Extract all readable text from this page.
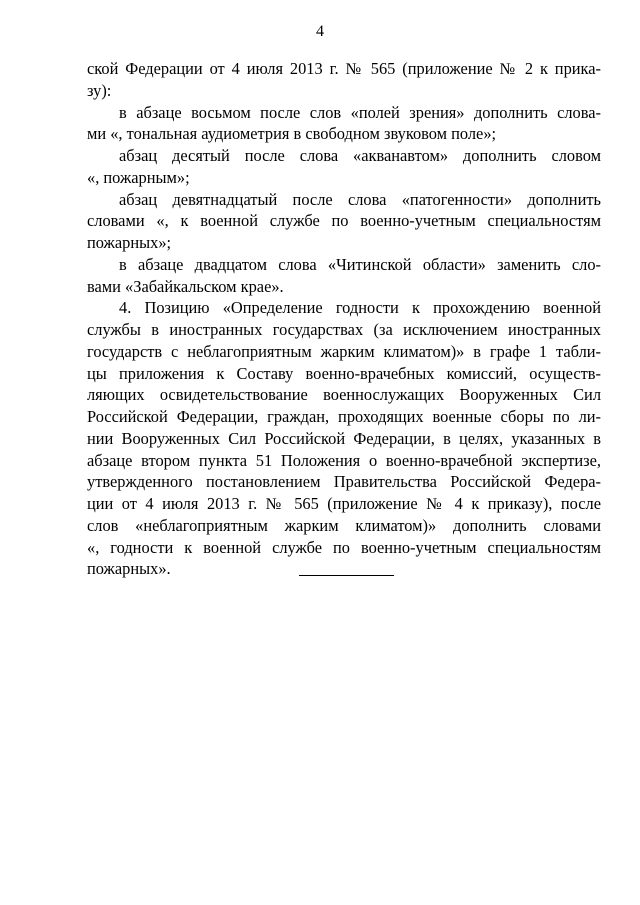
4
ской Федерации от 4 июля 2013 г. № 565 (приложение № 2 к прика-
зу):
в абзаце восьмом после слов «полей зрения» дополнить слова-
ми «, тональная аудиометрия в свободном звуковом поле»;
абзац десятый после слова «акванавтом» дополнить словом
«, пожарным»;
абзац девятнадцатый после слова «патогенности» дополнить
словами «, к военной службе по военно-учетным специальностям
пожарных»;
в абзаце двадцатом слова «Читинской области» заменить сло-
вами «Забайкальском крае».
4. Позицию «Определение годности к прохождению военной
службы в иностранных государствах (за исключением иностранных
государств с неблагоприятным жарким климатом)» в графе 1 табли-
цы приложения к Составу военно-врачебных комиссий, осуществ-
ляющих освидетельствование военнослужащих Вооруженных Сил
Российской Федерации, граждан, проходящих военные сборы по ли-
нии Вооруженных Сил Российской Федерации, в целях, указанных в
абзаце втором пункта 51 Положения о военно-врачебной экспертизе,
утвержденного постановлением Правительства Российской Федера-
ции от 4 июля 2013 г. № 565 (приложение № 4 к приказу), после
слов «неблагоприятным жарким климатом)» дополнить словами
«, годности к военной службе по военно-учетным специальностям
пожарных».
